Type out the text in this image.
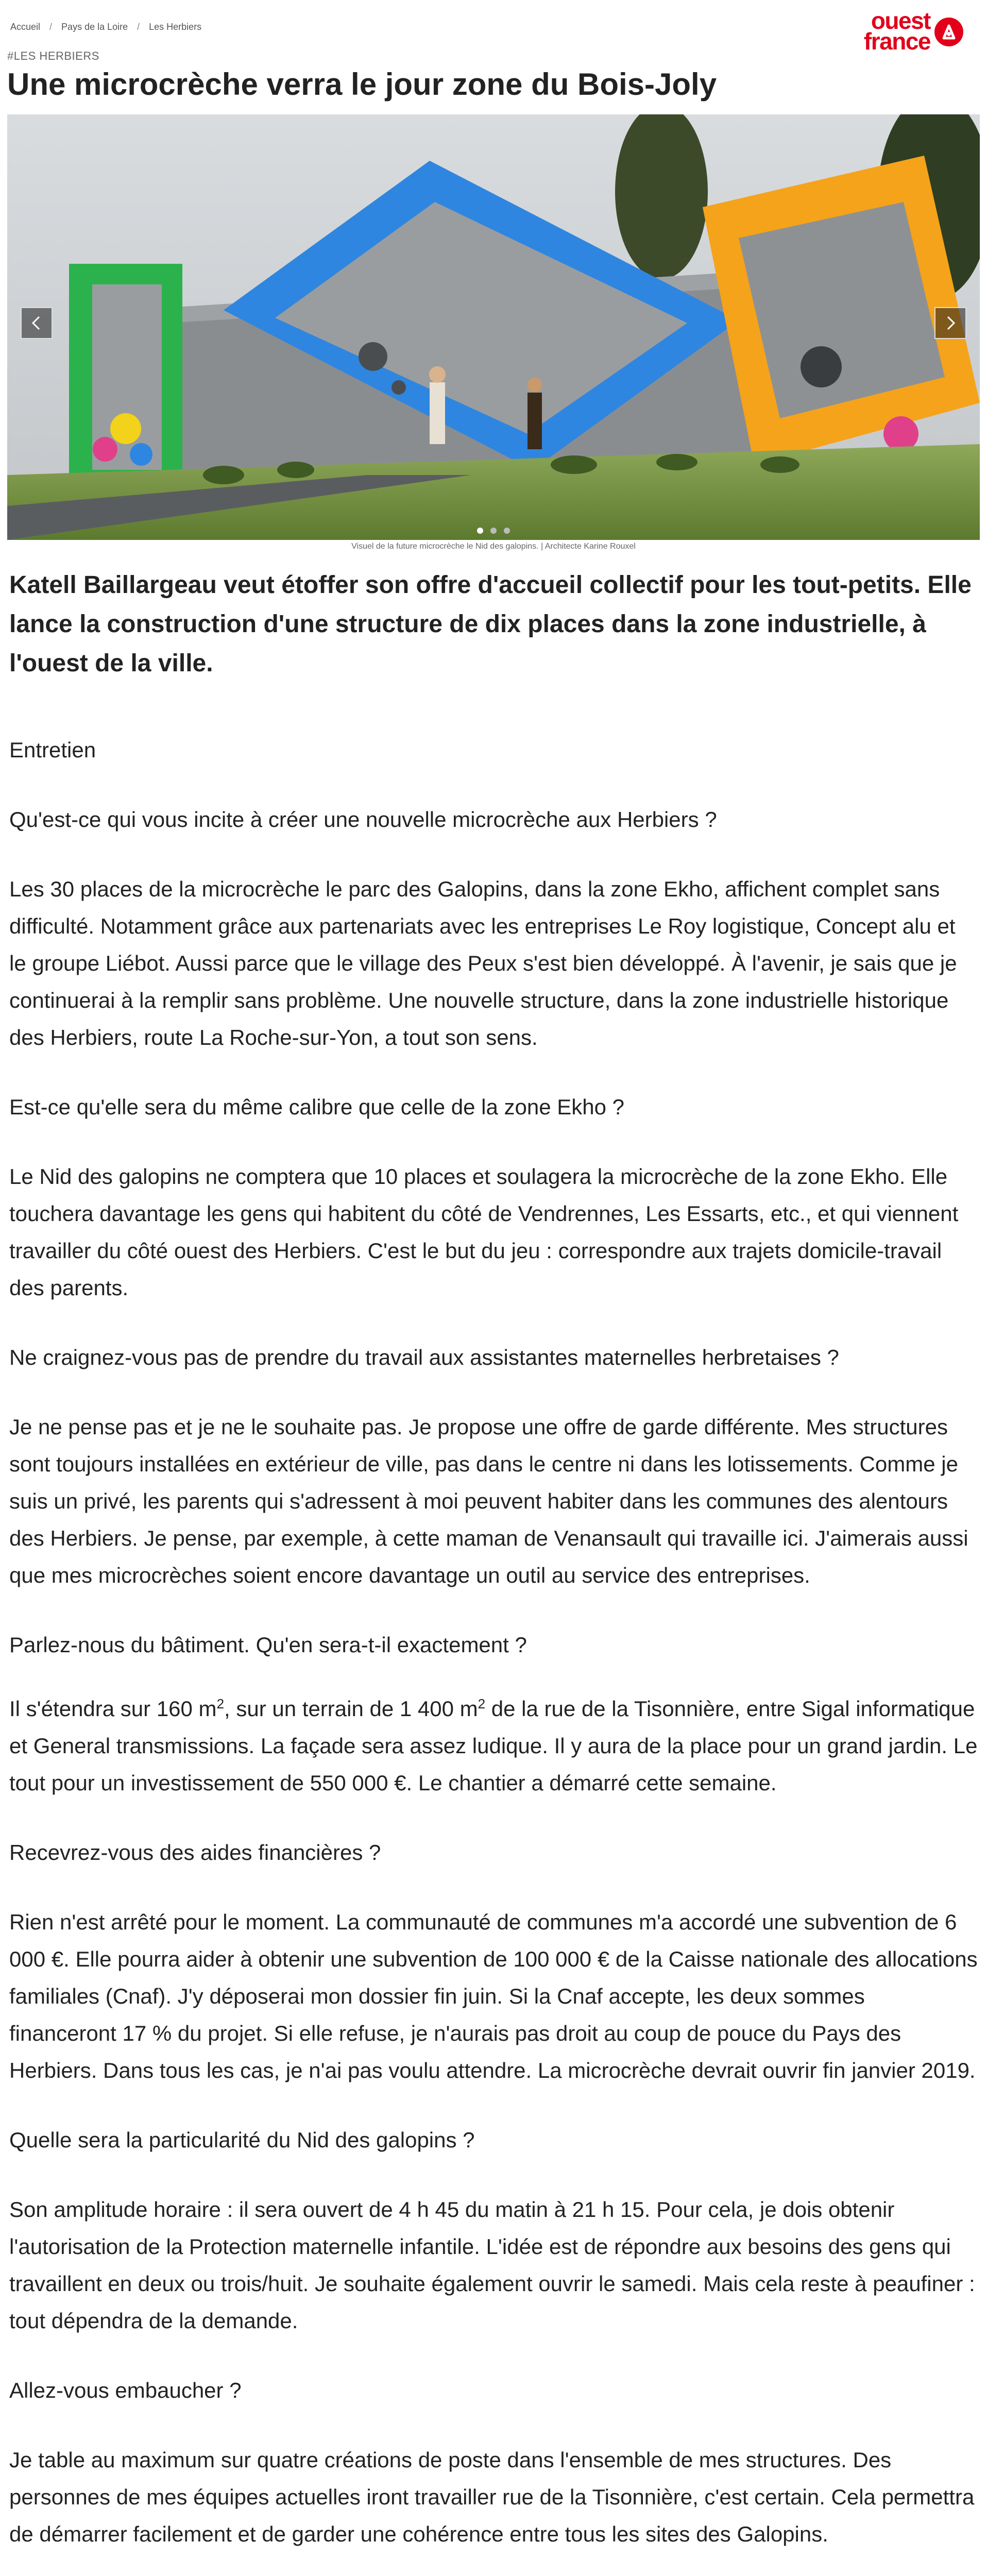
Accueil / Pays de la Loire / Les Herbiers
#LES HERBIERS
ouest
france
Une microcrèche verra le jour zone du Bois-Joly
Visuel de la future microcrèche le Nid des galopins. | Architecte Karine Rouxel

Katell Baillargeau veut étoffer son offre d'accueil collectif pour les tout-petits. Elle lance la construction d'une structure de dix places dans la zone industrielle, à l'ouest de la ville.

Entretien

Qu'est-ce qui vous incite à créer une nouvelle microcrèche aux Herbiers ?

Les 30 places de la microcrèche le parc des Galopins, dans la zone Ekho, affichent complet sans difficulté. Notamment grâce aux partenariats avec les entreprises Le Roy logistique, Concept alu et le groupe Liébot. Aussi parce que le village des Peux s'est bien développé. À l'avenir, je sais que je continuerai à la remplir sans problème. Une nouvelle structure, dans la zone industrielle historique des Herbiers, route La Roche-sur-Yon, a tout son sens.

Est-ce qu'elle sera du même calibre que celle de la zone Ekho ?

Le Nid des galopins ne comptera que 10 places et soulagera la microcrèche de la zone Ekho. Elle touchera davantage les gens qui habitent du côté de Vendrennes, Les Essarts, etc., et qui viennent travailler du côté ouest des Herbiers. C'est le but du jeu : correspondre aux trajets domicile-travail des parents.

Ne craignez-vous pas de prendre du travail aux assistantes maternelles herbretaises ?

Je ne pense pas et je ne le souhaite pas. Je propose une offre de garde différente. Mes structures sont toujours installées en extérieur de ville, pas dans le centre ni dans les lotissements. Comme je suis un privé, les parents qui s'adressent à moi peuvent habiter dans les communes des alentours des Herbiers. Je pense, par exemple, à cette maman de Venansault qui travaille ici. J'aimerais aussi que mes microcrèches soient encore davantage un outil au service des entreprises.

Parlez-nous du bâtiment. Qu'en sera-t-il exactement ?

Il s'étendra sur 160 $m^2$, sur un terrain de 1 400 $m^2$ de la rue de la Tisonnière, entre Sigal informatique et General transmissions. La façade sera assez ludique. Il y aura de la place pour un grand jardin. Le tout pour un investissement de 550 000 €. Le chantier a démarré cette semaine.

Recevrez-vous des aides financières ?

Rien n'est arrêté pour le moment. La communauté de communes m'a accordé une subvention de 6 000 €. Elle pourra aider à obtenir une subvention de 100 000 € de la Caisse nationale des allocations familiales (Cnaf). J'y déposerai mon dossier fin juin. Si la Cnaf accepte, les deux sommes financeront 17 % du projet. Si elle refuse, je n'aurais pas droit au coup de pouce du Pays des Herbiers. Dans tous les cas, je n'ai pas voulu attendre. La microcrèche devrait ouvrir fin janvier 2019.

Quelle sera la particularité du Nid des galopins ?

Son amplitude horaire : il sera ouvert de 4 h 45 du matin à 21 h 15. Pour cela, je dois obtenir l'autorisation de la Protection maternelle infantile. L'idée est de répondre aux besoins des gens qui travaillent en deux ou trois/huit. Je souhaite également ouvrir le samedi. Mais cela reste à peaufiner : tout dépendra de la demande.

Allez-vous embaucher ?

Je table au maximum sur quatre créations de poste dans l'ensemble de mes structures. Des personnes de mes équipes actuelles iront travailler rue de la Tisonnière, c'est certain. Cela permettra de démarrer facilement et de garder une cohérence entre tous les sites des Galopins.
